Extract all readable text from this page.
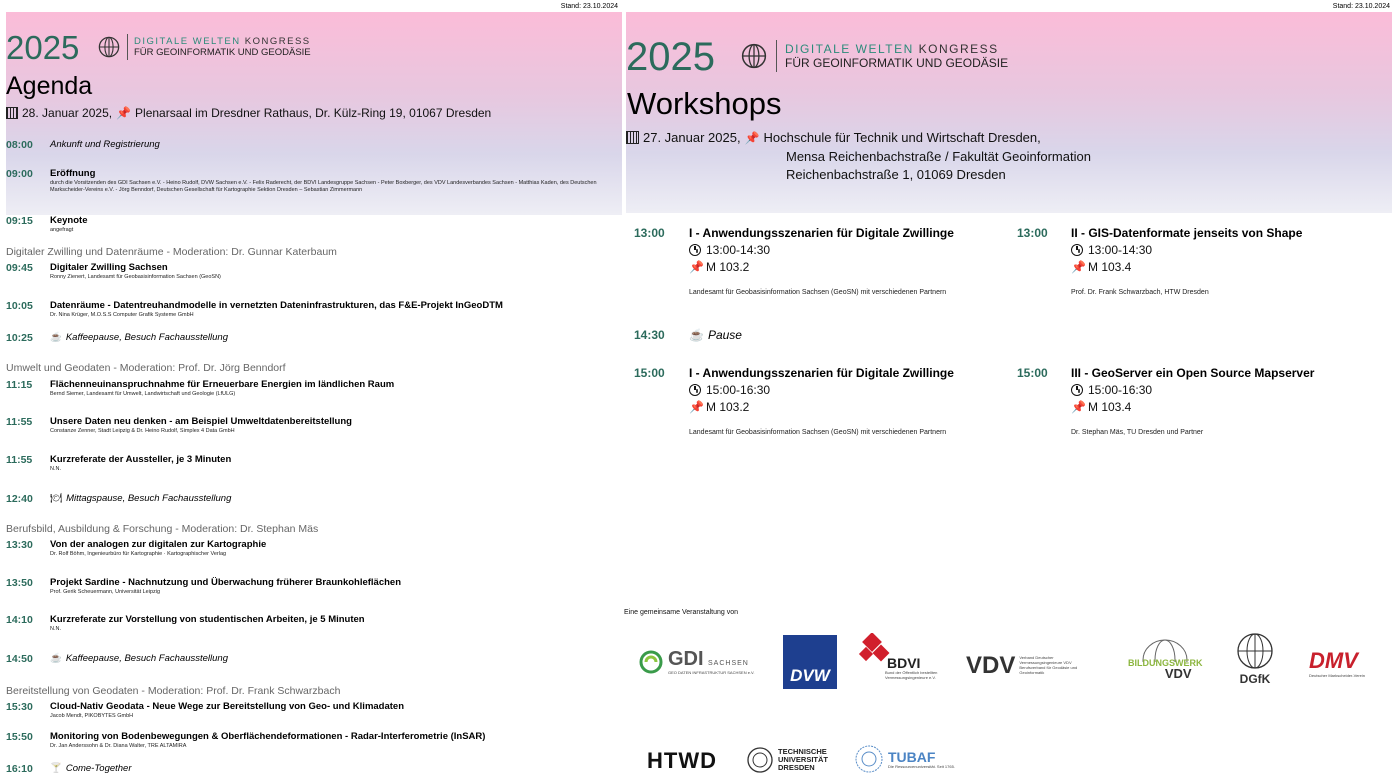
Stand: 23.10.2024
2025	DIGITALE WELTEN KONGRESS
FÜR GEOINFORMATIK UND GEODÄSIE
Agenda
28. Januar 2025, 📌 Plenarsaal im Dresdner Rathaus, Dr. Külz-Ring 19, 01067 Dresden
08:00	Ankunft und Registrierung
09:00	Eröffnung
durch die Vorsitzenden des GDI Sachsen e.V. - Heino Rudolf, DVW Sachsen e.V. - Felix Raderecht, der BDVI Landesgruppe Sachsen - Peter Boxberger, des VDV Landesverbandes Sachsen - Matthias Kaden, des Deutschen Markscheider-Vereins e.V. - Jörg Benndorf, Deutschen Gesellschaft für Kartographie Sektion Dresden – Sebastian Zimmermann
09:15	Keynote
angefragt
Digitaler Zwilling und Datenräume - Moderation: Dr. Gunnar Katerbaum
09:45	Digitaler Zwilling Sachsen
Ronny Zienert, Landesamt für Geobasisinformation Sachsen (GeoSN)
10:05	Datenräume - Datentreuhandmodelle in vernetzten Dateninfrastrukturen, das F&E-Projekt InGeoDTM
Dr. Nina Krüger, M.O.S.S Computer Grafik Systeme GmbH
10:25	☕ Kaffeepause, Besuch Fachausstellung
Umwelt und Geodaten - Moderation: Prof. Dr. Jörg Benndorf
11:15	Flächenneuinanspruchnahme für Erneuerbare Energien im ländlichen Raum
Bernd Siemer, Landesamt für Umwelt, Landwirtschaft und Geologie (LfULG)
11:55	Unsere Daten neu denken - am Beispiel Umweltdatenbereitstellung
Constanze Zenner, Stadt Leipzig & Dr. Heino Rudolf, Simplex 4 Data GmbH
11:55	Kurzreferate der Aussteller, je 3 Minuten
N.N.
12:40	🍽 Mittagspause, Besuch Fachausstellung
Berufsbild, Ausbildung & Forschung - Moderation: Dr. Stephan Mäs
13:30	Von der analogen zur digitalen zur Kartographie
Dr. Rolf Böhm, Ingenieurbüro für Kartographie · Kartographischer Verlag
13:50	Projekt Sardine - Nachnutzung und Überwachung früherer Braunkohleflächen
Prof. Gerik Scheuermann, Universität Leipzig
14:10	Kurzreferate zur Vorstellung von studentischen Arbeiten, je 5 Minuten
N.N.
14:50	☕ Kaffeepause, Besuch Fachausstellung
Bereitstellung von Geodaten - Moderation: Prof. Dr. Frank Schwarzbach
15:30	Cloud-Nativ Geodata - Neue Wege zur Bereitstellung von Geo- und Klimadaten
Jacob Mendt, PIKOBYTES GmbH
15:50	Monitoring von Bodenbewegungen & Oberflächendeformationen - Radar-Interferometrie (InSAR)
Dr. Jan Anderssohn & Dr. Diana Walter, TRE ALTAMIRA
16:10	🍸 Come-Together
Stand: 23.10.2024
2025	DIGITALE WELTEN KONGRESS
FÜR GEOINFORMATIK UND GEODÄSIE
Workshops
27. Januar 2025, 📌 Hochschule für Technik und Wirtschaft Dresden,
Mensa Reichenbachstraße / Fakultät Geoinformation
Reichenbachstraße 1, 01069 Dresden
13:00 I - Anwendungsszenarien für Digitale Zwillinge
13:00-14:30
📌 M 103.2
Landesamt für Geobasisinformation Sachsen (GeoSN) mit verschiedenen Partnern
13:00 II - GIS-Datenformate jenseits von Shape
13:00-14:30
📌 M 103.4
Prof. Dr. Frank Schwarzbach, HTW Dresden
14:30 ☕ Pause
15:00 I - Anwendungsszenarien für Digitale Zwillinge
15:00-16:30
📌 M 103.2
Landesamt für Geobasisinformation Sachsen (GeoSN) mit verschiedenen Partnern
15:00 III - GeoServer ein Open Source Mapserver
15:00-16:30
📌 M 103.4
Dr. Stephan Mäs, TU Dresden und Partner
Eine gemeinsame Veranstaltung von
GDI SACHSEN
GEO DATEN INFRASTRUKTUR SACHSEN e.V. DVW
BDVI
Bund der Öffentlich bestellten Vermessungsingenieure e.V.	VDV Verband Deutscher Vermessungsingenieure VDV Berufsverband für Geodäsie und Geoinformatik
BILDUNGSWERK
VDV	DGfK
DMV
Deutscher Markscheider-Verein
HTWD	TECHNISCHE UNIVERSITÄT DRESDEN
TUBAF
Die Ressourcenuniversität. Seit 1765.
